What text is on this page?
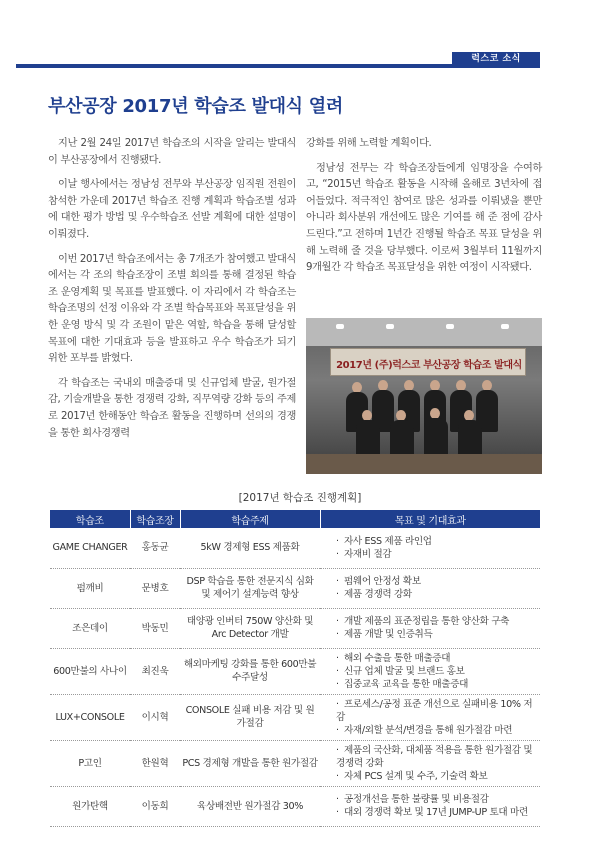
럭스코 소식
부산공장 2017년 학습조 발대식 열려

지난 2월 24일 2017년 학습조의 시작을 알리는 발대식이 부산공장에서 진행됐다.

이날 행사에서는 정남성 전무와 부산공장 임직원 전원이 참석한 가운데 2017년 학습조 진행 계획과 학습조별 성과에 대한 평가 방법 및 우수학습조 선발 계획에 대한 설명이 이뤄졌다.

이번 2017년 학습조에서는 총 7개조가 참여했고 발대식에서는 각 조의 학습조장이 조별 회의를 통해 결정된 학습조 운영계획 및 목표를 발표했다. 이 자리에서 각 학습조는 학습조명의 선정 이유와 각 조별 학습목표와 목표달성을 위한 운영 방식 및 각 조원이 맡은 역할, 학습을 통해 달성할 목표에 대한 기대효과 등을 발표하고 우수 학습조가 되기 위한 포부를 밝혔다.

각 학습조는 국내외 매출증대 및 신규업체 발굴, 원가절감, 기술개발을 통한 경쟁력 강화, 직무역량 강화 등의 주제로 2017년 한해동안 학습조 활동을 진행하며 선의의 경쟁을 통한 회사경쟁력

강화를 위해 노력할 계획이다.

정남성 전무는 각 학습조장들에게 임명장을 수여하고, “2015년 학습조 활동을 시작해 올해로 3년차에 접어들었다. 적극적인 참여로 많은 성과를 이뤄냈을 뿐만 아니라 회사분위 개선에도 많은 기여를 해 준 점에 감사드린다.”고 전하며 1년간 진행될 학습조 목표 달성을 위해 노력해 줄 것을 당부했다. 이로써 3월부터 11월까지 9개월간 각 학습조 목표달성을 위한 여정이 시작됐다.

2017년 (주)럭스코 부산공장 학습조 발대식
[2017년 학습조 진행계획]
학습조	학습조장	학습주제	목표 및 기대효과
GAME CHANGER	홍동균	5kW 경제형 ESS 제품화	· 자사 ESS 제품 라인업
· 자재비 절감

펌깨비	문병호	DSP 학습을 통한 전문지식 심화 및 제어기 설계능력 향상	· 펌웨어 안정성 확보
· 제품 경쟁력 강화

조은데이	박동민	태양광 인버터 750W 양산화 및 Arc Detector 개발	· 개발 제품의 표준정립을 통한 양산화 구축
· 제품 개발 및 인증취득

600만불의 사나이	최진욱	해외마케팅 강화를 통한 600만불 수주달성	· 해외 수출을 통한 매출증대
· 신규 업체 발굴 및 브랜드 홍보
· 집중교육 교육을 통한 매출증대

LUX+CONSOLE	이시혁	CONSOLE 실패 비용 저감 및 원가절감	· 프로세스/공정 표준 개선으로 실패비용 10% 저감
· 자재/외할 분석/변경을 통해 원가절감 마련

P고인	한원혁	PCS 경제형 개발을 통한 원가절감	· 제품의 국산화, 대체품 적용을 통한 원가절감 및 경쟁력 강화
· 자체 PCS 설계 및 수주, 기술력 확보

원가탄핵	이동희	육상배전반 원가절감 30%	· 공정개선을 통한 불량률 및 비용절감
· 대외 경쟁력 확보 및 17년 JUMP-UP 토대 마련
